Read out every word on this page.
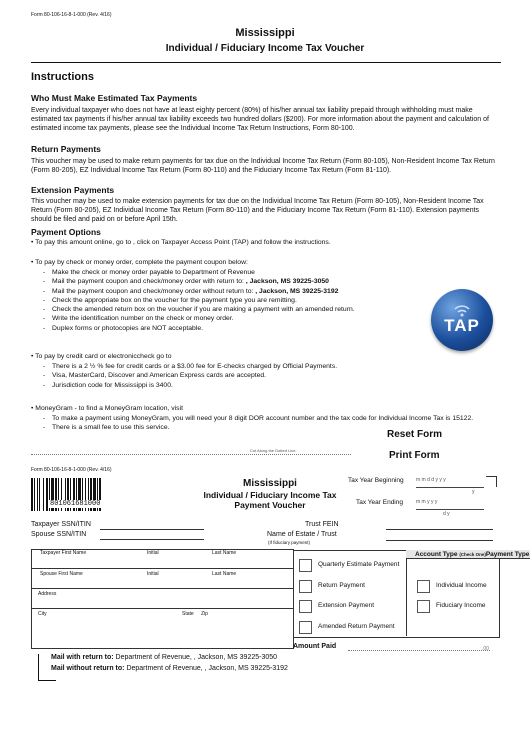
Form 80-106-16-8-1-000 (Rev. 4/16)
Mississippi
Individual / Fiduciary Income Tax Voucher
Instructions
Who Must Make Estimated Tax Payments
Every individual taxpayer who does not have at least eighty percent (80%) of his/her annual tax liability prepaid through withholding must make estimated tax payments if his/her annual tax liability exceeds two hundred dollars ($200). For more information about the payment and calculation of estimated income tax payments, please see the Individual Income Tax Return Instructions, Form 80-100.
Return Payments
This voucher may be used to make return payments for tax due on the Individual Income Tax Return (Form 80-105), Non-Resident Income Tax Return (Form 80-205), EZ Individual Income Tax Return (Form 80-110) and the Fiduciary Income Tax Return (Form 81-110).
Extension Payments
This voucher may be used to make extension payments for tax due on the Individual Income Tax Return (Form 80-105), Non-Resident Income Tax Return (Form 80-205), EZ Individual Income Tax Return (Form 80-110) and the Fiduciary Income Tax Return (Form 81-110). Extension payments should be filed and paid on or before April 15th.
Payment Options
• To pay this amount online, go to , click on Taxpayer Access Point (TAP) and follow the instructions.
• To pay by check or money order, complete the payment coupon below:
- Make the check or money order payable to Department of Revenue
- Mail the payment coupon and check/money order with return to: , Jackson, MS 39225-3050
- Mail the payment coupon and check/money order without return to: , Jackson, MS 39225-3192
- Check the appropriate box on the voucher for the payment type you are remitting.
- Check the amended return box on the voucher if you are making a payment with an amended return.
- Write the identification number on the check or money order.
- Duplex forms or photocopies are NOT acceptable.
• To pay by credit card or electroniccheck go to
- There is a 2 ½ % fee for credit cards or a $3.00 fee for E-checks charged by Official Payments.
- Visa, MasterCard, Discover and American Express cards are accepted.
- Jurisdiction code for Mississippi is 3400.
• MoneyGram - to find a MoneyGram location, visit
- To make a payment using MoneyGram, you will need your 8 digit DOR account number and the tax code for Individual Income Tax is 15122.
- There is a small fee to use this service.
TAP
Reset Form
Print Form
Cut Along the Dotted Line
Form 80-106-16-8-1-000 (Rev. 4/16)
801061681000
Mississippi
Individual / Fiduciary Income Tax
Payment Voucher
Tax Year Beginning m m d d y y y
y
Tax Year Ending	m m y y y
d y
Taxpayer SSN/ITIN
Spouse SSN/ITIN
Trust FEIN
Name of Estate / Trust
(If fiduciary payment)
Taxpayer First Name	Initial	Last Name
Spouse First Name	Initial	Last Name
Address
City	State Zip
Account Type (Check One)Payment Type
Quarterly Estimate Payment
Return Payment
Extension Payment
Amended Return Payment
Individual Income
Fiduciary Income
Amount Paid	.00
Mail with return to: Department of Revenue, , Jackson, MS 39225-3050
Mail without return to: Department of Revenue, , Jackson, MS 39225-3192
